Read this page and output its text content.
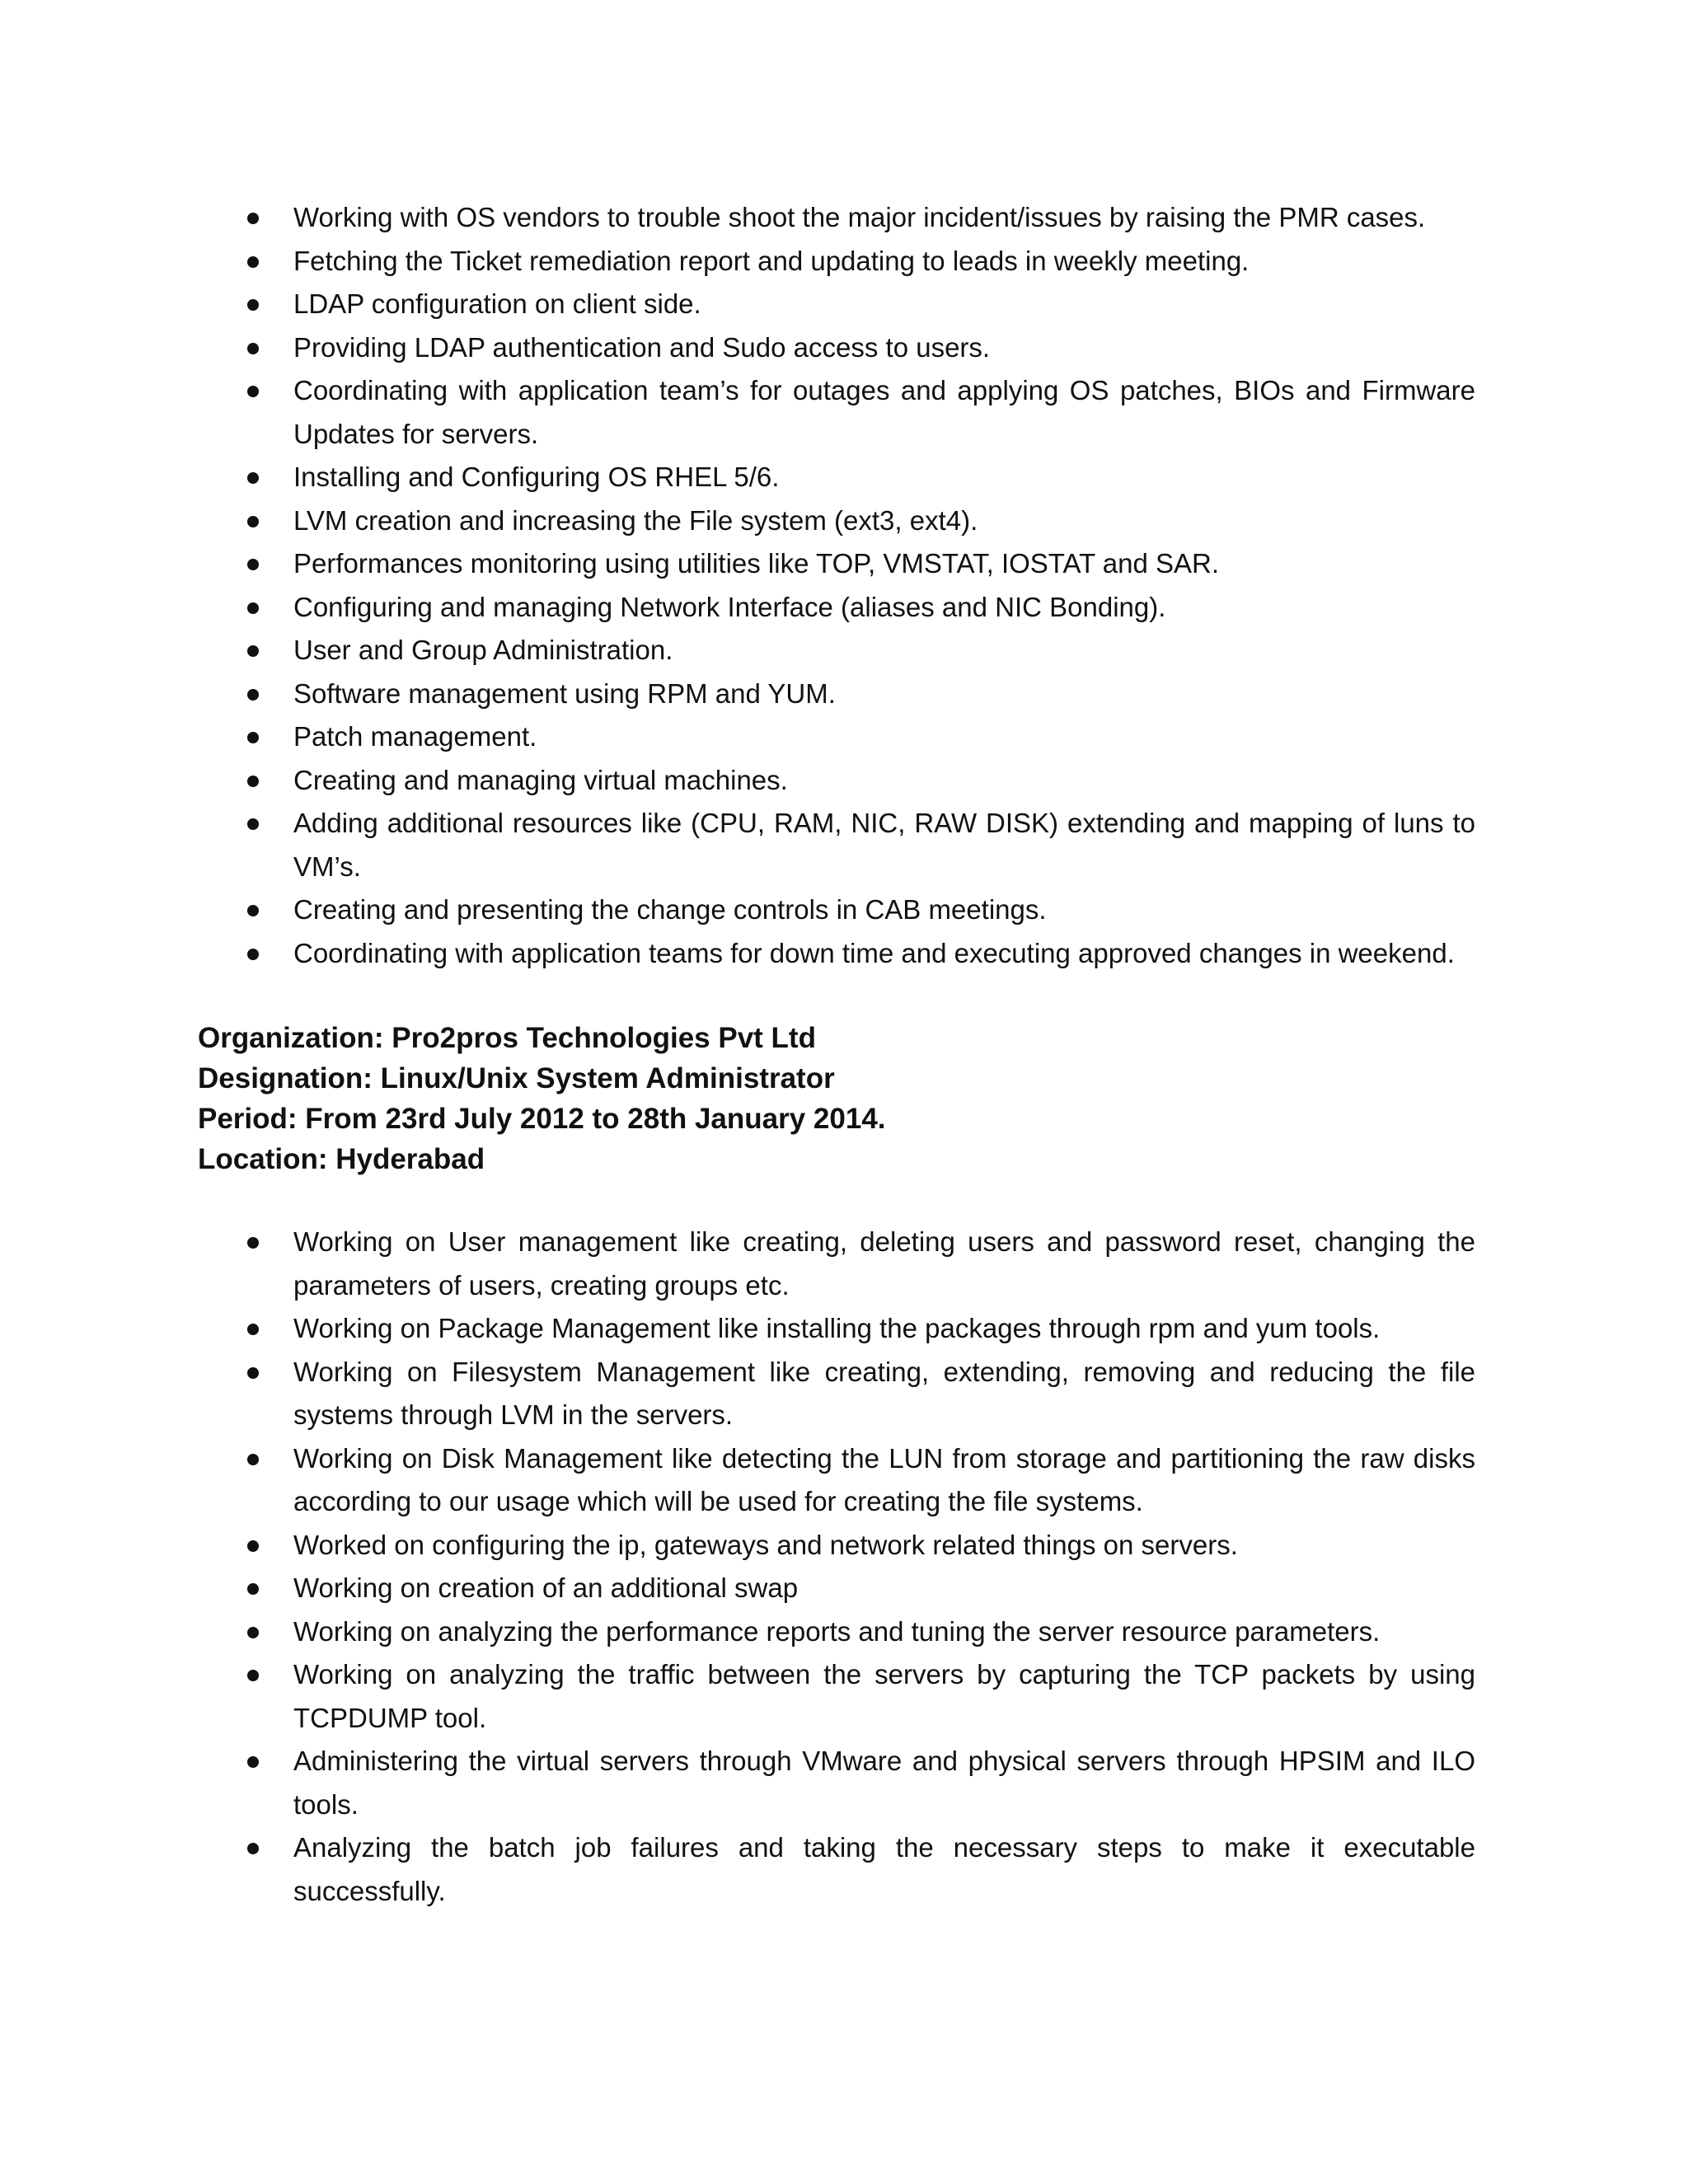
Working with OS vendors to trouble shoot the major incident/issues by raising the PMR cases.
Fetching the Ticket remediation report and updating to leads in weekly meeting.
LDAP configuration on client side.
Providing LDAP authentication and Sudo access to users.
Coordinating with application team’s for outages and applying OS patches, BIOs and Firmware Updates for servers.
Installing and Configuring OS RHEL 5/6.
LVM creation and increasing the File system (ext3, ext4).
Performances monitoring using utilities like TOP, VMSTAT, IOSTAT and SAR.
Configuring and managing Network Interface (aliases and NIC Bonding).
User and Group Administration.
Software management using RPM and YUM.
Patch management.
Creating and managing virtual machines.
Adding additional resources like (CPU, RAM, NIC, RAW DISK) extending and mapping of luns to VM’s.
Creating and presenting the change controls in CAB meetings.
Coordinating with application teams for down time and executing approved changes in weekend.

Organization: Pro2pros Technologies Pvt Ltd

Designation: Linux/Unix System Administrator

Period: From 23rd July 2012 to 28th January 2014.

Location: Hyderabad

Working on User management like creating, deleting users and password reset, changing the parameters of users, creating groups etc.
Working on Package Management like installing the packages through rpm and yum tools.
Working on Filesystem Management like creating, extending, removing and reducing the file systems through LVM in the servers.
Working on Disk Management like detecting the LUN from storage and partitioning the raw disks according to our usage which will be used for creating the file systems.
Worked on configuring the ip, gateways and network related things on servers.
Working on creation of an additional swap
Working on analyzing the performance reports and tuning the server resource parameters.
Working on analyzing the traffic between the servers by capturing the TCP packets by using TCPDUMP tool.
Administering the virtual servers through VMware and physical servers through HPSIM and ILO tools.
Analyzing the batch job failures and taking the necessary steps to make it executable successfully.
